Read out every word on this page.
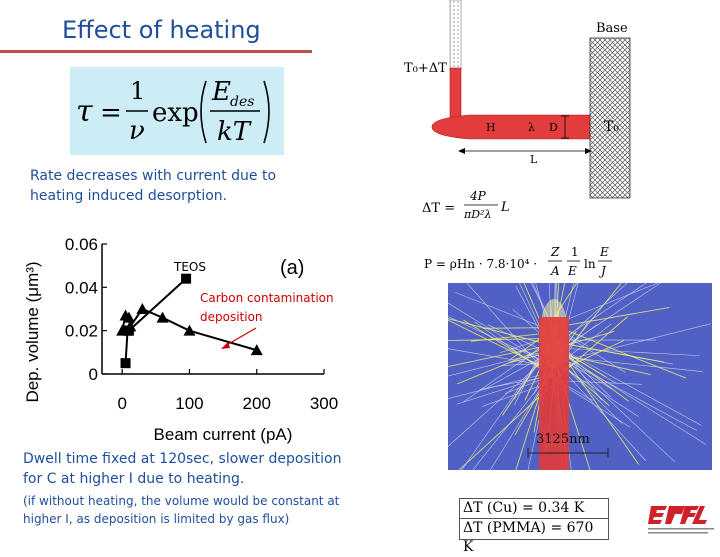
Effect of heating
τ =
1
ν
exp
E des
kT
Rate decreases with current due to heating induced desorption.
0	100 200 300
0
0.02
0.04
0.06
Dep. volume (μm³)
Beam current (pA)
(a)
TEOS
Carbon contamination
deposition
Dwell time fixed at 120sec, slower deposition for C at higher I due to heating.
(if without heating, the volume would be constant at higher I, as deposition is limited by gas flux)
Base
T₀+ΔT
T₀
H	λ D
L
ΔT =
4P
πD²λ L
P = ρHn · 7.8·10⁴ ·
Z
A
1
E ln
E
J
3125nm
ΔT (Cu) = 0.34 K
ΔT (PMMA) = 670 K
